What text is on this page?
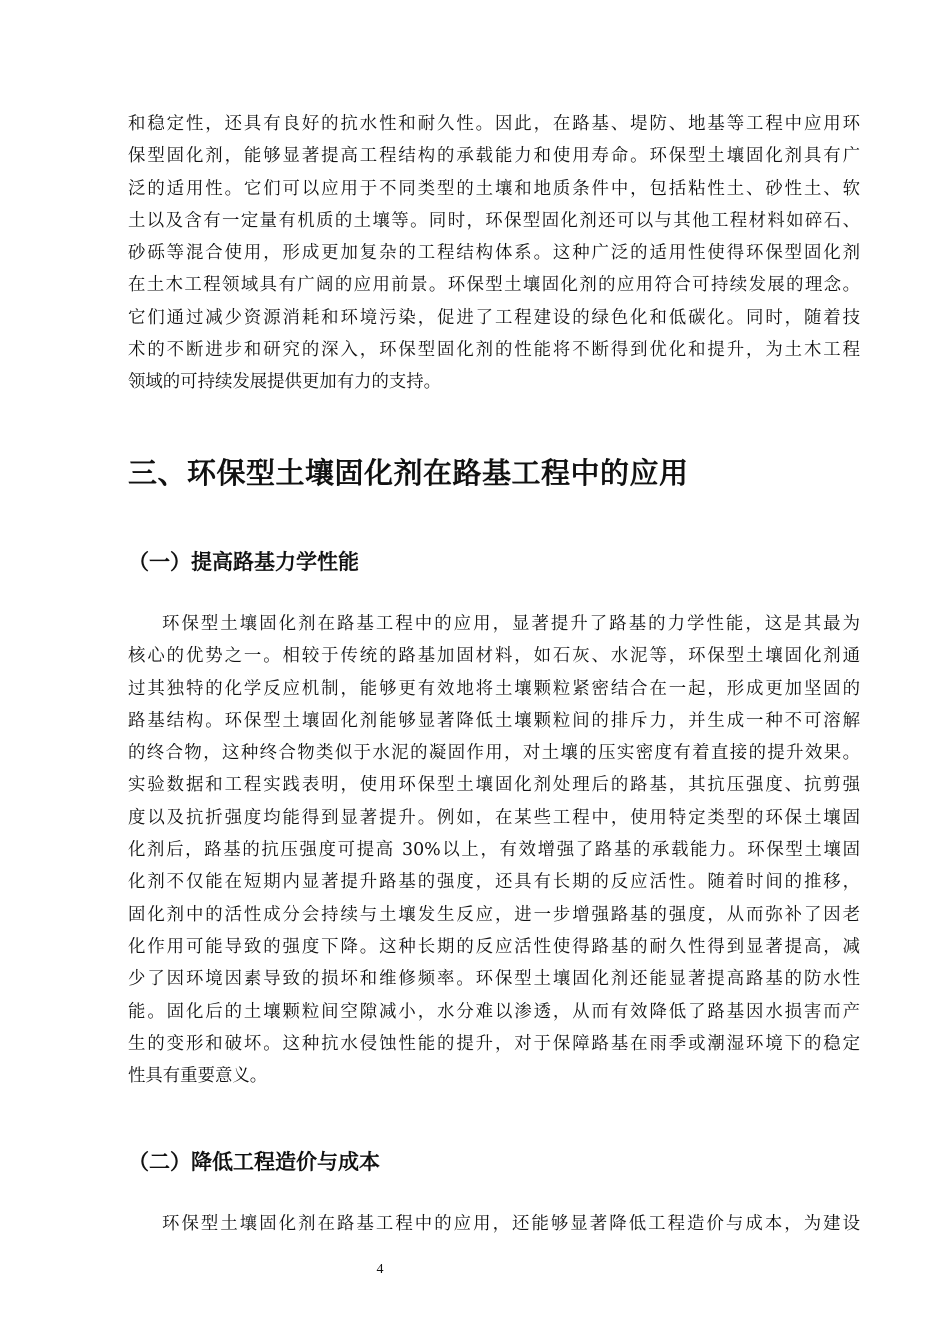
和稳定性，还具有良好的抗水性和耐久性。因此，在路基、堤防、地基等工程中应用环
保型固化剂，能够显著提高工程结构的承载能力和使用寿命。环保型土壤固化剂具有广
泛的适用性。它们可以应用于不同类型的土壤和地质条件中，包括粘性土、砂性土、软
土以及含有一定量有机质的土壤等。同时，环保型固化剂还可以与其他工程材料如碎石、
砂砾等混合使用，形成更加复杂的工程结构体系。这种广泛的适用性使得环保型固化剂
在土木工程领域具有广阔的应用前景。环保型土壤固化剂的应用符合可持续发展的理念。
它们通过减少资源消耗和环境污染，促进了工程建设的绿色化和低碳化。同时，随着技
术的不断进步和研究的深入，环保型固化剂的性能将不断得到优化和提升，为土木工程
领域的可持续发展提供更加有力的支持。
三、环保型土壤固化剂在路基工程中的应用
（一）提高路基力学性能
环保型土壤固化剂在路基工程中的应用，显著提升了路基的力学性能，这是其最为
核心的优势之一。相较于传统的路基加固材料，如石灰、水泥等，环保型土壤固化剂通
过其独特的化学反应机制，能够更有效地将土壤颗粒紧密结合在一起，形成更加坚固的
路基结构。环保型土壤固化剂能够显著降低土壤颗粒间的排斥力，并生成一种不可溶解
的终合物，这种终合物类似于水泥的凝固作用，对土壤的压实密度有着直接的提升效果。
实验数据和工程实践表明，使用环保型土壤固化剂处理后的路基，其抗压强度、抗剪强
度以及抗折强度均能得到显著提升。例如，在某些工程中，使用特定类型的环保土壤固
化剂后，路基的抗压强度可提高 30%以上，有效增强了路基的承载能力。环保型土壤固
化剂不仅能在短期内显著提升路基的强度，还具有长期的反应活性。随着时间的推移，
固化剂中的活性成分会持续与土壤发生反应，进一步增强路基的强度，从而弥补了因老
化作用可能导致的强度下降。这种长期的反应活性使得路基的耐久性得到显著提高，减
少了因环境因素导致的损坏和维修频率。环保型土壤固化剂还能显著提高路基的防水性
能。固化后的土壤颗粒间空隙减小，水分难以渗透，从而有效降低了路基因水损害而产
生的变形和破坏。这种抗水侵蚀性能的提升，对于保障路基在雨季或潮湿环境下的稳定
性具有重要意义。
（二）降低工程造价与成本
环保型土壤固化剂在路基工程中的应用，还能够显著降低工程造价与成本，为建设
4
